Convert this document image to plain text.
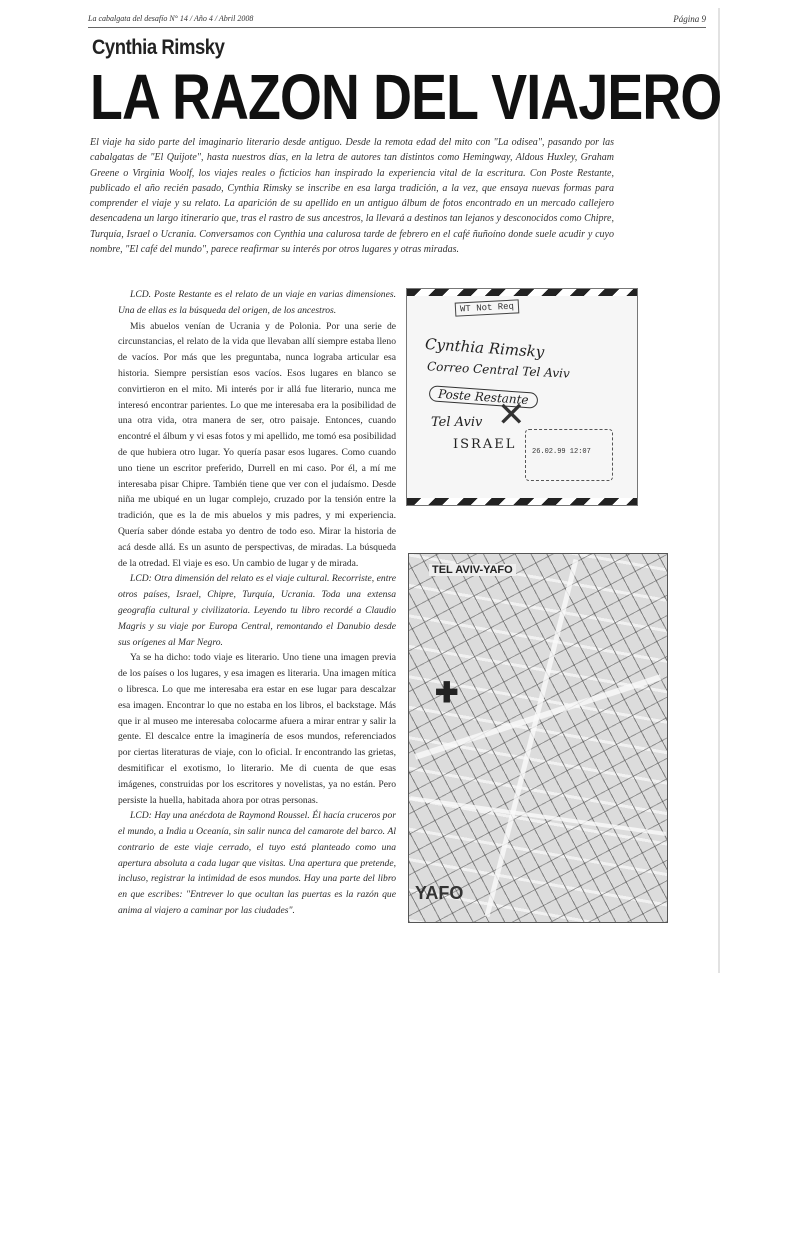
La cabalgata del desafío N° 14 / Año 4 / Abril 2008	Página 9
Cynthia Rimsky
LA RAZON DEL VIAJERO
El viaje ha sido parte del imaginario literario desde antiguo. Desde la remota edad del mito con "La odisea", pasando por las cabalgatas de "El Quijote", hasta nuestros días, en la letra de autores tan distintos como Hemingway, Aldous Huxley, Graham Greene o Virginia Woolf, los viajes reales o ficticios han inspirado la experiencia vital de la escritura. Con Poste Restante, publicado el año recién pasado, Cynthia Rimsky se inscribe en esa larga tradición, a la vez, que ensaya nuevas formas para comprender el viaje y su relato. La aparición de su apellido en un antiguo álbum de fotos encontrado en un mercado callejero desencadena un largo itinerario que, tras el rastro de sus ancestros, la llevará a destinos tan lejanos y desconocidos como Chipre, Turquía, Israel o Ucrania. Conversamos con Cynthia una calurosa tarde de febrero en el café ñuñoíno donde suele acudir y cuyo nombre, "El café del mundo", parece reafirmar su interés por otros lugares y otras miradas.

LCD. Poste Restante es el relato de un viaje en varias dimensiones. Una de ellas es la búsqueda del origen, de los ancestros.

Mis abuelos venían de Ucrania y de Polonia. Por una serie de circunstancias, el relato de la vida que llevaban allí siempre estaba lleno de vacíos. Por más que les preguntaba, nunca lograba articular esa historia. Siempre persistían esos vacíos. Esos lugares en blanco se convirtieron en el mito. Mi interés por ir allá fue literario, nunca me interesó encontrar parientes. Lo que me interesaba era la posibilidad de una otra vida, otra manera de ser, otro paisaje. Entonces, cuando encontré el álbum y vi esas fotos y mi apellido, me tomó esa posibilidad de que hubiera otro lugar. Yo quería pasar esos lugares. Como cuando uno tiene un escritor preferido, Durrell en mi caso. Por él, a mí me interesaba pisar Chipre. También tiene que ver con el judaísmo. Desde niña me ubiqué en un lugar complejo, cruzado por la tensión entre la tradición, que es la de mis abuelos y mis padres, y mi experiencia. Quería saber dónde estaba yo dentro de todo eso. Mirar la historia de acá desde allá. Es un asunto de perspectivas, de miradas. La búsqueda de la otredad. El viaje es eso. Un cambio de lugar y de mirada.

LCD: Otra dimensión del relato es el viaje cultural. Recorriste, entre otros países, Israel, Chipre, Turquía, Ucrania. Toda una extensa geografía cultural y civilizatoria. Leyendo tu libro recordé a Claudio Magris y su viaje por Europa Central, remontando el Danubio desde sus orígenes al Mar Negro.

Ya se ha dicho: todo viaje es literario. Uno tiene una imagen previa de los países o los lugares, y esa imagen es literaria. Una imagen mítica o libresca. Lo que me interesaba era estar en ese lugar para descalzar esa imagen. Encontrar lo que no estaba en los libros, el backstage. Más que ir al museo me interesaba colocarme afuera a mirar entrar y salir la gente. El descalce entre la imaginería de esos mundos, referenciados por ciertas literaturas de viaje, con lo oficial. Ir encontrando las grietas, desmitificar el exotismo, lo literario. Me di cuenta de que esas imágenes, construidas por los escritores y novelistas, ya no están. Pero persiste la huella, habitada ahora por otras personas.

LCD: Hay una anécdota de Raymond Roussel. Él hacía cruceros por el mundo, a India u Oceanía, sin salir nunca del camarote del barco. Al contrario de este viaje cerrado, el tuyo está planteado como una apertura absoluta a cada lugar que visitas. Una apertura que pretende, incluso, registrar la intimidad de esos mundos. Hay una parte del libro en que escribes: "Entrever lo que ocultan las puertas es la razón que anima al viajero a caminar por las ciudades".

WT Not Req
Cynthia Rimsky
Correo Central Tel Aviv
Poste Restante
✕
Tel Aviv
ISRAEL 26.02.99 12:07
TEL AVIV-YAFO
✚
YAFO
